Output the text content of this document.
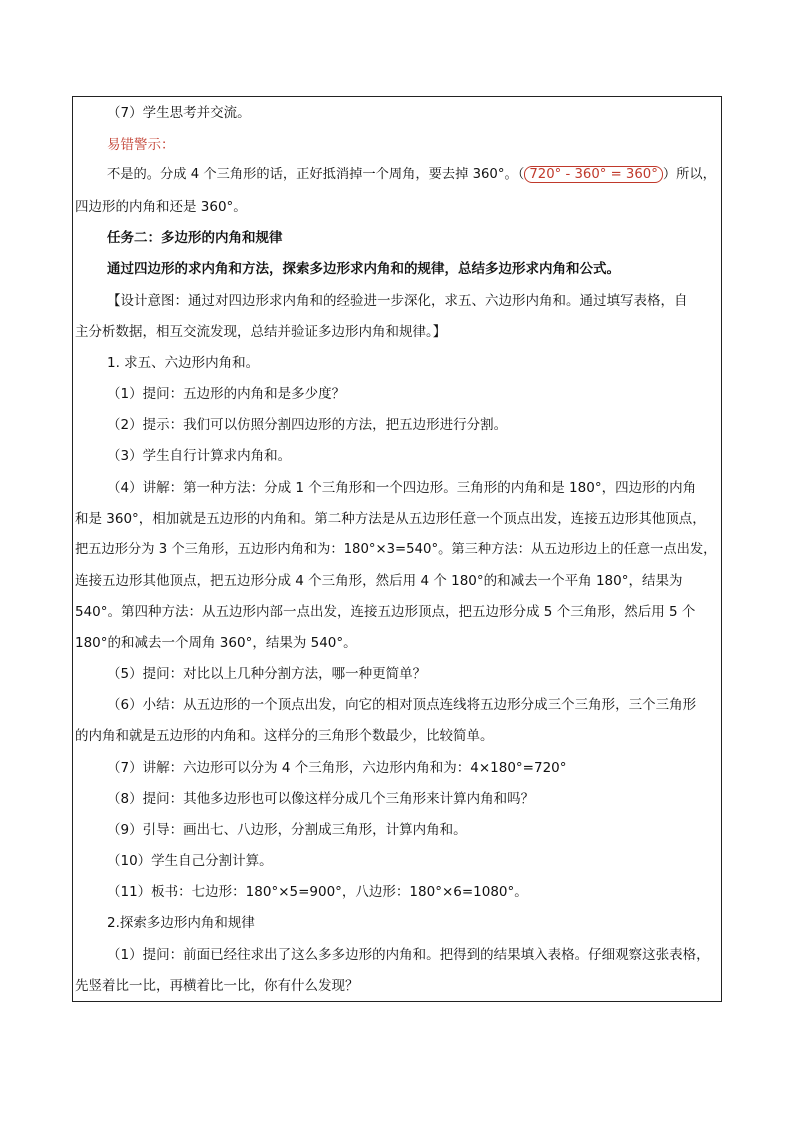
（7）学生思考并交流。
易错警示：
不是的。分成 4 个三角形的话，正好抵消掉一个周角，要去掉 360°。（ 720° - 360° = 360° ）所以，
四边形的内角和还是 360°。
任务二：多边形的内角和规律
通过四边形的求内角和方法，探索多边形求内角和的规律，总结多边形求内角和公式。
【设计意图：通过对四边形求内角和的经验进一步深化，求五、六边形内角和。通过填写表格，自
主分析数据，相互交流发现，总结并验证多边形内角和规律。】
1. 求五、六边形内角和。
（1）提问：五边形的内角和是多少度？
（2）提示：我们可以仿照分割四边形的方法，把五边形进行分割。
（3）学生自行计算求内角和。
（4）讲解：第一种方法：分成 1 个三角形和一个四边形。三角形的内角和是 180°，四边形的内角
和是 360°，相加就是五边形的内角和。第二种方法是从五边形任意一个顶点出发，连接五边形其他顶点，
把五边形分为 3 个三角形，五边形内角和为：180°×3=540°。第三种方法：从五边形边上的任意一点出发，
连接五边形其他顶点，把五边形分成 4 个三角形，然后用 4 个 180°的和减去一个平角 180°，结果为
540°。第四种方法：从五边形内部一点出发，连接五边形顶点，把五边形分成 5 个三角形，然后用 5 个
180°的和减去一个周角 360°，结果为 540°。
（5）提问：对比以上几种分割方法，哪一种更简单？
（6）小结：从五边形的一个顶点出发，向它的相对顶点连线将五边形分成三个三角形，三个三角形
的内角和就是五边形的内角和。这样分的三角形个数最少，比较简单。
（7）讲解：六边形可以分为 4 个三角形，六边形内角和为：4×180°=720°
（8）提问：其他多边形也可以像这样分成几个三角形来计算内角和吗？
（9）引导：画出七、八边形，分割成三角形，计算内角和。
（10）学生自己分割计算。
（11）板书：七边形：180°×5=900°，八边形：180°×6=1080°。
2.探索多边形内角和规律
（1）提问：前面已经往求出了这么多多边形的内角和。把得到的结果填入表格。仔细观察这张表格，
先竖着比一比，再横着比一比，你有什么发现？
